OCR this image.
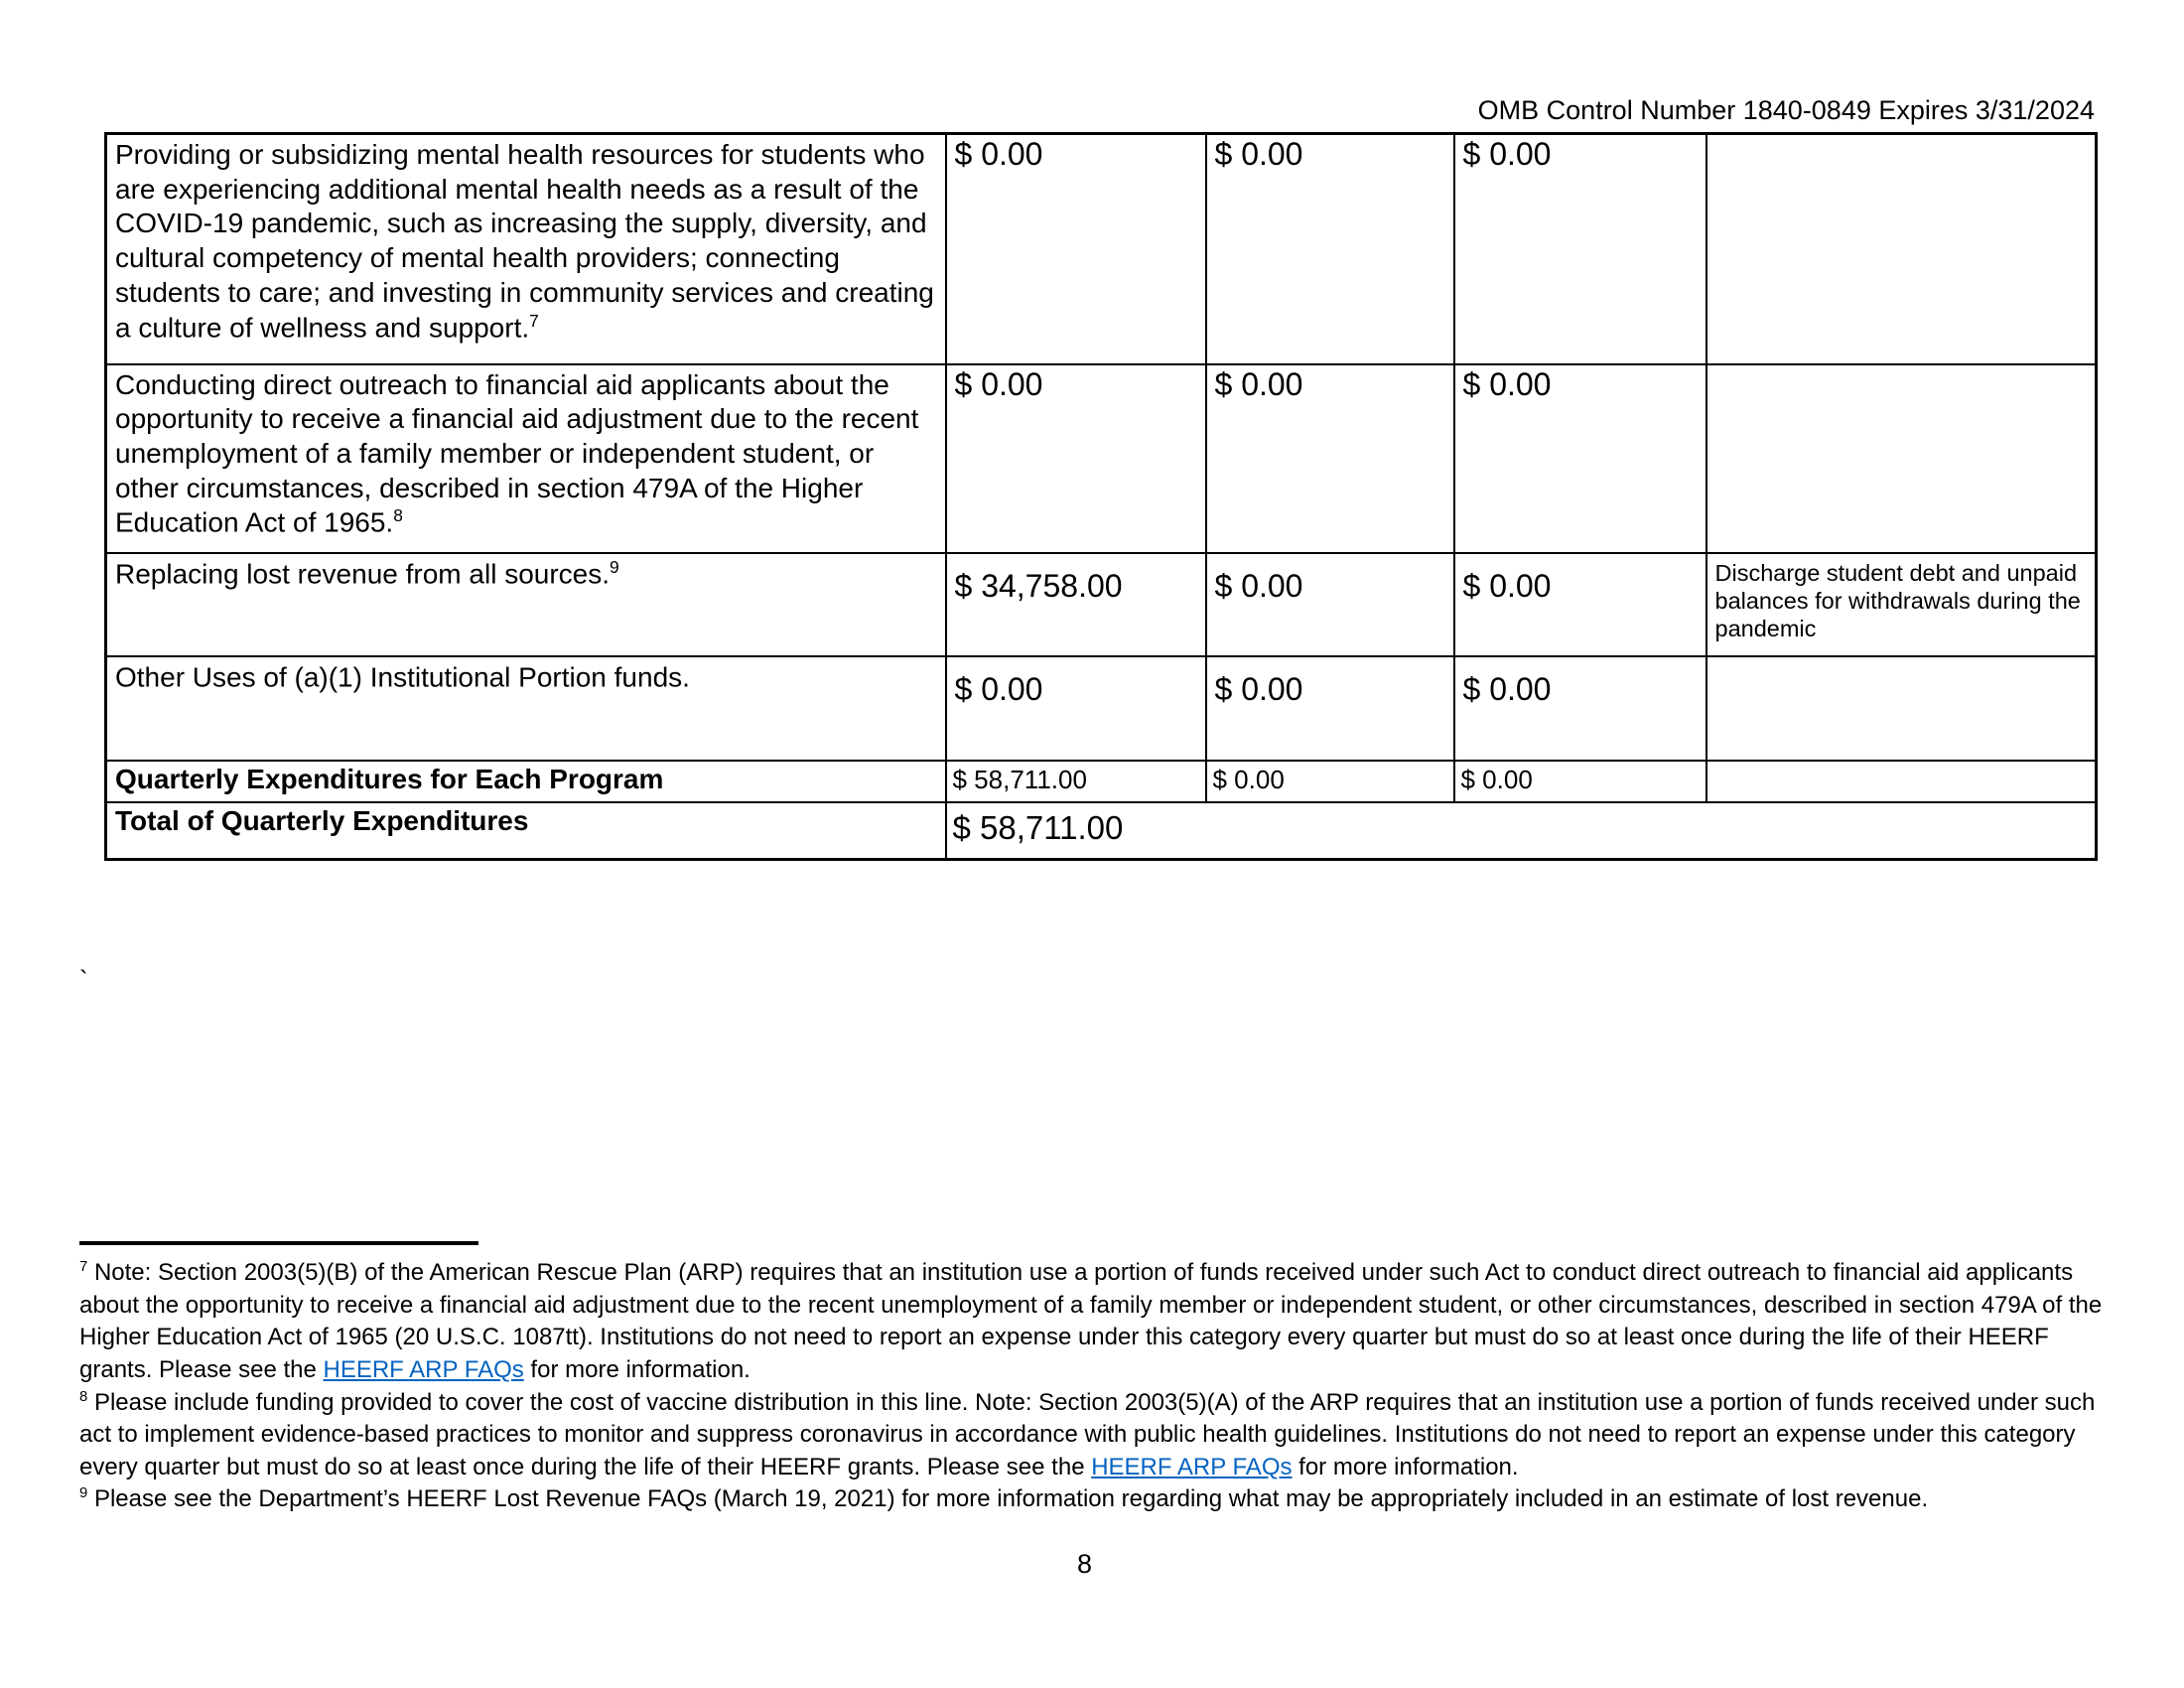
OMB Control Number 1840-0849 Expires 3/31/2024
Providing or subsidizing mental health resources for students who are experiencing additional mental health needs as a result of the COVID-19 pandemic, such as increasing the supply, diversity, and cultural competency of mental health providers; connecting students to care; and investing in community services and creating a culture of wellness and support.$^7$	$ 0.00	$ 0.00	$ 0.00	
Conducting direct outreach to financial aid applicants about the opportunity to receive a financial aid adjustment due to the recent unemployment of a family member or independent student, or other circumstances, described in section 479A of the Higher Education Act of 1965.$^8$	$ 0.00	$ 0.00	$ 0.00	
Replacing lost revenue from all sources.$^9$	$ 34,758.00	$ 0.00	$ 0.00	Discharge student debt and unpaid balances for withdrawals during the pandemic
Other Uses of (a)(1) Institutional Portion funds.	$ 0.00	$ 0.00	$ 0.00	
Quarterly Expenditures for Each Program	$ 58,711.00	$ 0.00	$ 0.00	
Total of Quarterly Expenditures	$ 58,711.00			
`

$^7$ Note: Section 2003(5)(B) of the American Rescue Plan (ARP) requires that an institution use a portion of funds received under such Act to conduct direct outreach to financial aid applicants about the opportunity to receive a financial aid adjustment due to the recent unemployment of a family member or independent student, or other circumstances, described in section 479A of the Higher Education Act of 1965 (20 U.S.C. 1087tt). Institutions do not need to report an expense under this category every quarter but must do so at least once during the life of their HEERF grants. Please see the HEERF ARP FAQs for more information.

$^8$ Please include funding provided to cover the cost of vaccine distribution in this line. Note: Section 2003(5)(A) of the ARP requires that an institution use a portion of funds received under such act to implement evidence-based practices to monitor and suppress coronavirus in accordance with public health guidelines. Institutions do not need to report an expense under this category every quarter but must do so at least once during the life of their HEERF grants. Please see the HEERF ARP FAQs for more information.

$^9$ Please see the Department’s HEERF Lost Revenue FAQs (March 19, 2021) for more information regarding what may be appropriately included in an estimate of lost revenue.

8
